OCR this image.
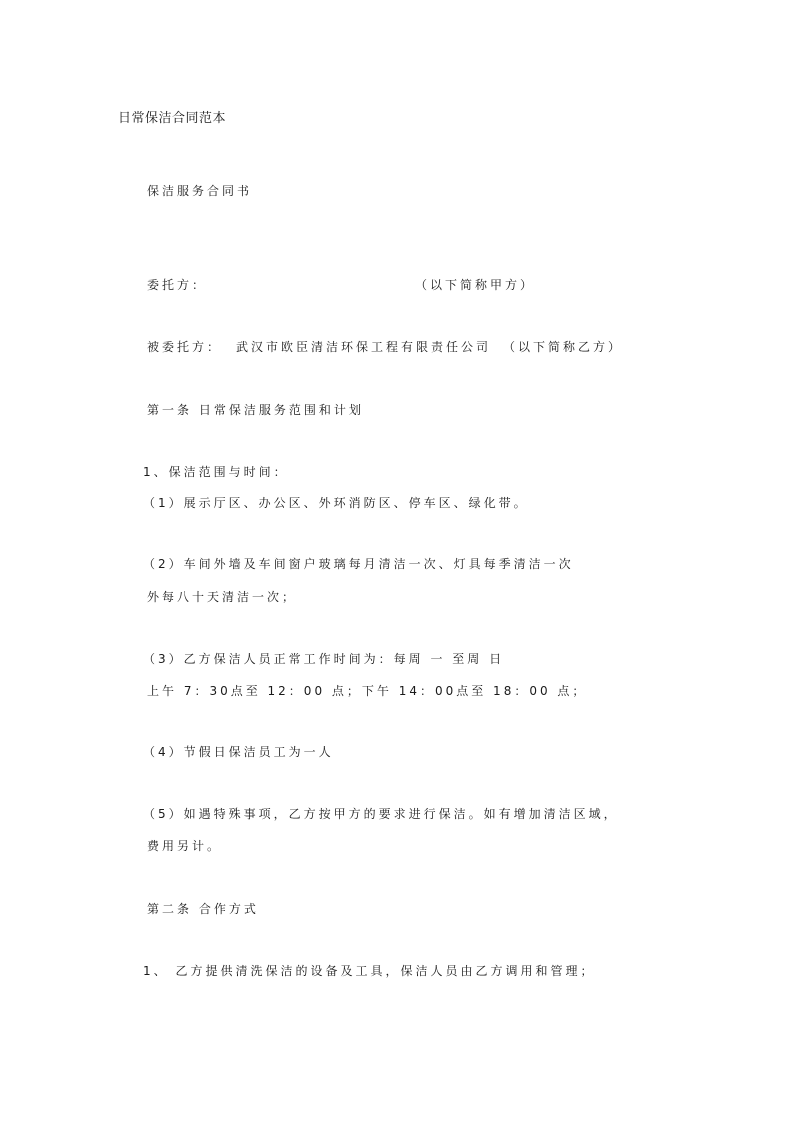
日常保洁合同范本
保洁服务合同书
委托方：	（以下简称甲方）
被委托方： 武汉市欧臣清洁环保工程有限责任公司 （以下简称乙方）
第一条 日常保洁服务范围和计划
1、保洁范围与时间：
（1）展示厅区、办公区、外环消防区、停车区、绿化带。
（2）车间外墙及车间窗户玻璃每月清洁一次、灯具每季清洁一次
外每八十天清洁一次；
（3）乙方保洁人员正常工作时间为：每周 一 至周 日
上午 7：30点至 12：00 点；下午 14：00点至 18：00 点；
（4）节假日保洁员工为一人
（5）如遇特殊事项，乙方按甲方的要求进行保洁。如有增加清洁区域，
费用另计。
第二条 合作方式
1、 乙方提供清洗保洁的设备及工具，保洁人员由乙方调用和管理；
